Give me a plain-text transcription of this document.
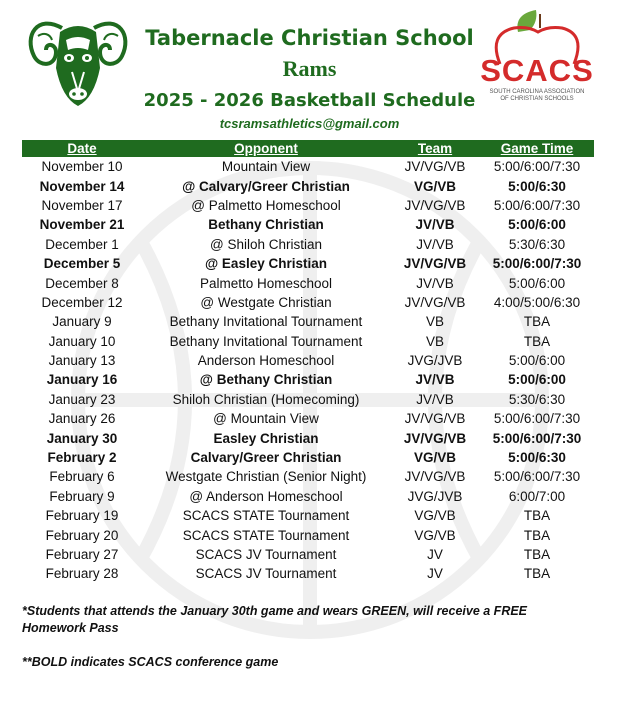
SCACS
SOUTH CAROLINA ASSOCIATION
OF CHRISTIAN SCHOOLS
Tabernacle Christian School
Rams
2025 - 2026 Basketball Schedule
tcsramsathletics@gmail.com
Date	Opponent	Team	Game Time
November 10	Mountain View	JV/VG/VB	5:00/6:00/7:30
November 14	@ Calvary/Greer Christian	VG/VB	5:00/6:30
November 17	@ Palmetto Homeschool	JV/VG/VB	5:00/6:00/7:30
November 21	Bethany Christian	JV/VB	5:00/6:00
December 1	@ Shiloh Christian	JV/VB	5:30/6:30
December 5	@ Easley Christian	JV/VG/VB	5:00/6:00/7:30
December 8	Palmetto Homeschool	JV/VB	5:00/6:00
December 12	@ Westgate Christian	JV/VG/VB	4:00/5:00/6:30
January 9	Bethany Invitational Tournament	VB	TBA
January 10	Bethany Invitational Tournament	VB	TBA
January 13	Anderson Homeschool	JVG/JVB	5:00/6:00
January 16	@ Bethany Christian	JV/VB	5:00/6:00
January 23	Shiloh Christian (Homecoming)	JV/VB	5:30/6:30
January 26	@ Mountain View	JV/VG/VB	5:00/6:00/7:30
January 30	Easley Christian	JV/VG/VB	5:00/6:00/7:30
February 2	Calvary/Greer Christian	VG/VB	5:00/6:30
February 6	Westgate Christian (Senior Night)	JV/VG/VB	5:00/6:00/7:30
February 9	@ Anderson Homeschool	JVG/JVB	6:00/7:00
February 19	SCACS STATE Tournament	VG/VB	TBA
February 20	SCACS STATE Tournament	VG/VB	TBA
February 27	SCACS JV Tournament	JV	TBA
February 28	SCACS JV Tournament	JV	TBA
*Students that attends the January 30th game and wears GREEN, will receive a FREE Homework Pass
**BOLD indicates SCACS conference game
